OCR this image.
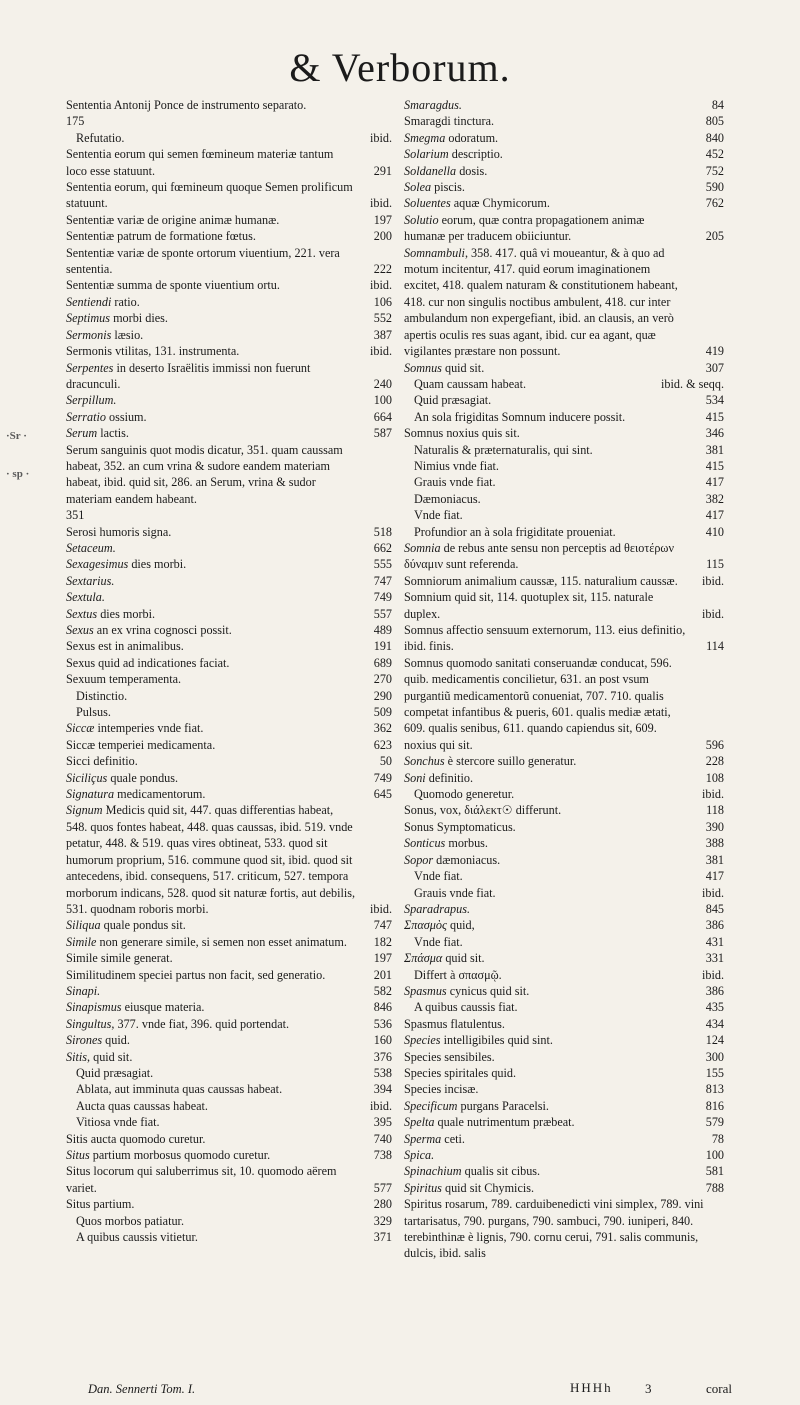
& Verborum.
·Sr ·
· sp ·
Sententia Antonij Ponce de instrumento separato.
175
Refutatio.	ibid.
Sententia eorum qui semen fœmineum materiæ tantum loco esse statuunt.	291
Sententia eorum, qui fœmineum quoque Semen prolificum statuunt.	ibid.
Sententiæ variæ de origine animæ humanæ.	197
Sententiæ patrum de formatione fœtus.	200
Sententiæ variæ de sponte ortorum viuentium, 221. vera sententia.	222
Sententiæ summa de sponte viuentium ortu.	ibid.
Sentiendi ratio.	106
Septimus morbi dies.	552
Sermonis læsio.	387
Sermonis vtilitas, 131. instrumenta.	ibid.
Serpentes in deserto Israëlitis immissi non fuerunt dracunculi.	240
Serpillum.	100
Serratio ossium.	664
Serum lactis.	587
Serum sanguinis quot modis dicatur, 351. quam caussam habeat, 352. an cum vrina & sudore eandem materiam habeat, ibid. quid sit, 286. an Serum, vrina & sudor materiam eandem habeant.
351
Serosi humoris signa.	518
Setaceum.	662
Sexagesimus dies morbi.	555
Sextarius.	747
Sextula.	749
Sextus dies morbi.	557
Sexus an ex vrina cognosci possit.	489
Sexus est in animalibus.	191
Sexus quid ad indicationes faciat.	689
Sexuum temperamenta.	270
Distinctio.	290
Pulsus.	509
Siccæ intemperies vnde fiat.	362
Siccæ temperiei medicamenta.	623
Sicci definitio.	50
Siciliçus quale pondus.	749
Signatura medicamentorum.	645
Signum Medicis quid sit, 447. quas differentias habeat, 548. quos fontes habeat, 448. quas caussas, ibid. 519. vnde petatur, 448. & 519. quas vires obtineat, 533. quod sit humorum proprium, 516. commune quod sit, ibid. quod sit antecedens, ibid. consequens, 517. criticum, 527. tempora morborum indicans, 528. quod sit naturæ fortis, aut debilis, 531. quodnam roboris morbi.	ibid.
Siliqua quale pondus sit.	747
Simile non generare simile, si semen non esset animatum.	182
Simile simile generat.	197
Similitudinem speciei partus non facit, sed generatio.	201
Sinapi.	582
Sinapismus eiusque materia.	846
Singultus, 377. vnde fiat, 396. quid portendat.	536
Sirones quid.	160
Sitis, quid sit.	376
Quid præsagiat.	538
Ablata, aut imminuta quas caussas habeat.	394
Aucta quas caussas habeat.	ibid.
Vitiosa vnde fiat.	395
Sitis aucta quomodo curetur.	740
Situs partium morbosus quomodo curetur.	738
Situs locorum qui saluberrimus sit, 10. quomodo aërem variet.	577
Situs partium.	280
Quos morbos patiatur.	329
A quibus caussis vitietur.	371
Smaragdus.	84
Smaragdi tinctura.	805
Smegma odoratum.	840
Solarium descriptio.	452
Soldanella dosis.	752
Solea piscis.	590
Soluentes aquæ Chymicorum.	762
Solutio eorum, quæ contra propagationem animæ humanæ per traducem obiiciuntur.	205
Somnambuli, 358. 417. quâ vi moueantur, & à quo ad motum incitentur, 417. quid eorum imaginationem excitet, 418. qualem naturam & constitutionem habeant, 418. cur non singulis noctibus ambulent, 418. cur inter ambulandum non expergefiant, ibid. an clausis, an verò apertis oculis res suas agant, ibid. cur ea agant, quæ vigilantes præstare non possunt.	419
Somnus quid sit.	307
Quam caussam habeat.	ibid. & seqq.
Quid præsagiat.	534
An sola frigiditas Somnum inducere possit.	415
Somnus noxius quis sit.	346
Naturalis & præternaturalis, qui sint.	381
Nimius vnde fiat.	415
Grauis vnde fiat.	417
Dæmoniacus.	382
Vnde fiat.	417
Profundior an à sola frigiditate proueniat.	410
Somnia de rebus ante sensu non perceptis ad θειοτέρων δύναμιν sunt referenda.	115
Somniorum animalium caussæ, 115. naturalium caussæ.	ibid.
Somnium quid sit, 114. quotuplex sit, 115. naturale duplex.	ibid.
Somnus affectio sensuum externorum, 113. eius definitio, ibid. finis.	114
Somnus quomodo sanitati conseruandæ conducat, 596. quib. medicamentis concilietur, 631. an post vsum purgantiũ medicamentorũ conueniat, 707. 710. qualis competat infantibus & pueris, 601. qualis mediæ ætati, 609. qualis senibus, 611. quando capiendus sit, 609. noxius qui sit.	596
Sonchus è stercore suillo generatur.	228
Soni definitio.	108
Quomodo generetur.	ibid.
Sonus, vox, διάλεκτ☉ differunt.	118
Sonus Symptomaticus.	390
Sonticus morbus.	388
Sopor dæmoniacus.	381
Vnde fiat.	417
Grauis vnde fiat.	ibid.
Sparadrapus.	845
Σπασμὸς quid,	386
Vnde fiat.	431
Σπάσμα quid sit.	331
Differt à σπασμῷ.	ibid.
Spasmus cynicus quid sit.	386
A quibus caussis fiat.	435
Spasmus flatulentus.	434
Species intelligibiles quid sint.	124
Species sensibiles.	300
Species spiritales quid.	155
Species incisæ.	813
Specificum purgans Paracelsi.	816
Spelta quale nutrimentum præbeat.	579
Sperma ceti.	78
Spica.	100
Spinachium qualis sit cibus.	581
Spiritus quid sit Chymicis.	788
Spiritus rosarum, 789. carduibenedicti vini simplex, 789. vini tartarisatus, 790. purgans, 790. sambuci, 790. iuniperi, 840. terebinthinæ è lignis, 790. cornu cerui, 791. salis communis, dulcis, ibid. salis
Dan. Sennerti Tom. I.	HHHh 3	coral
